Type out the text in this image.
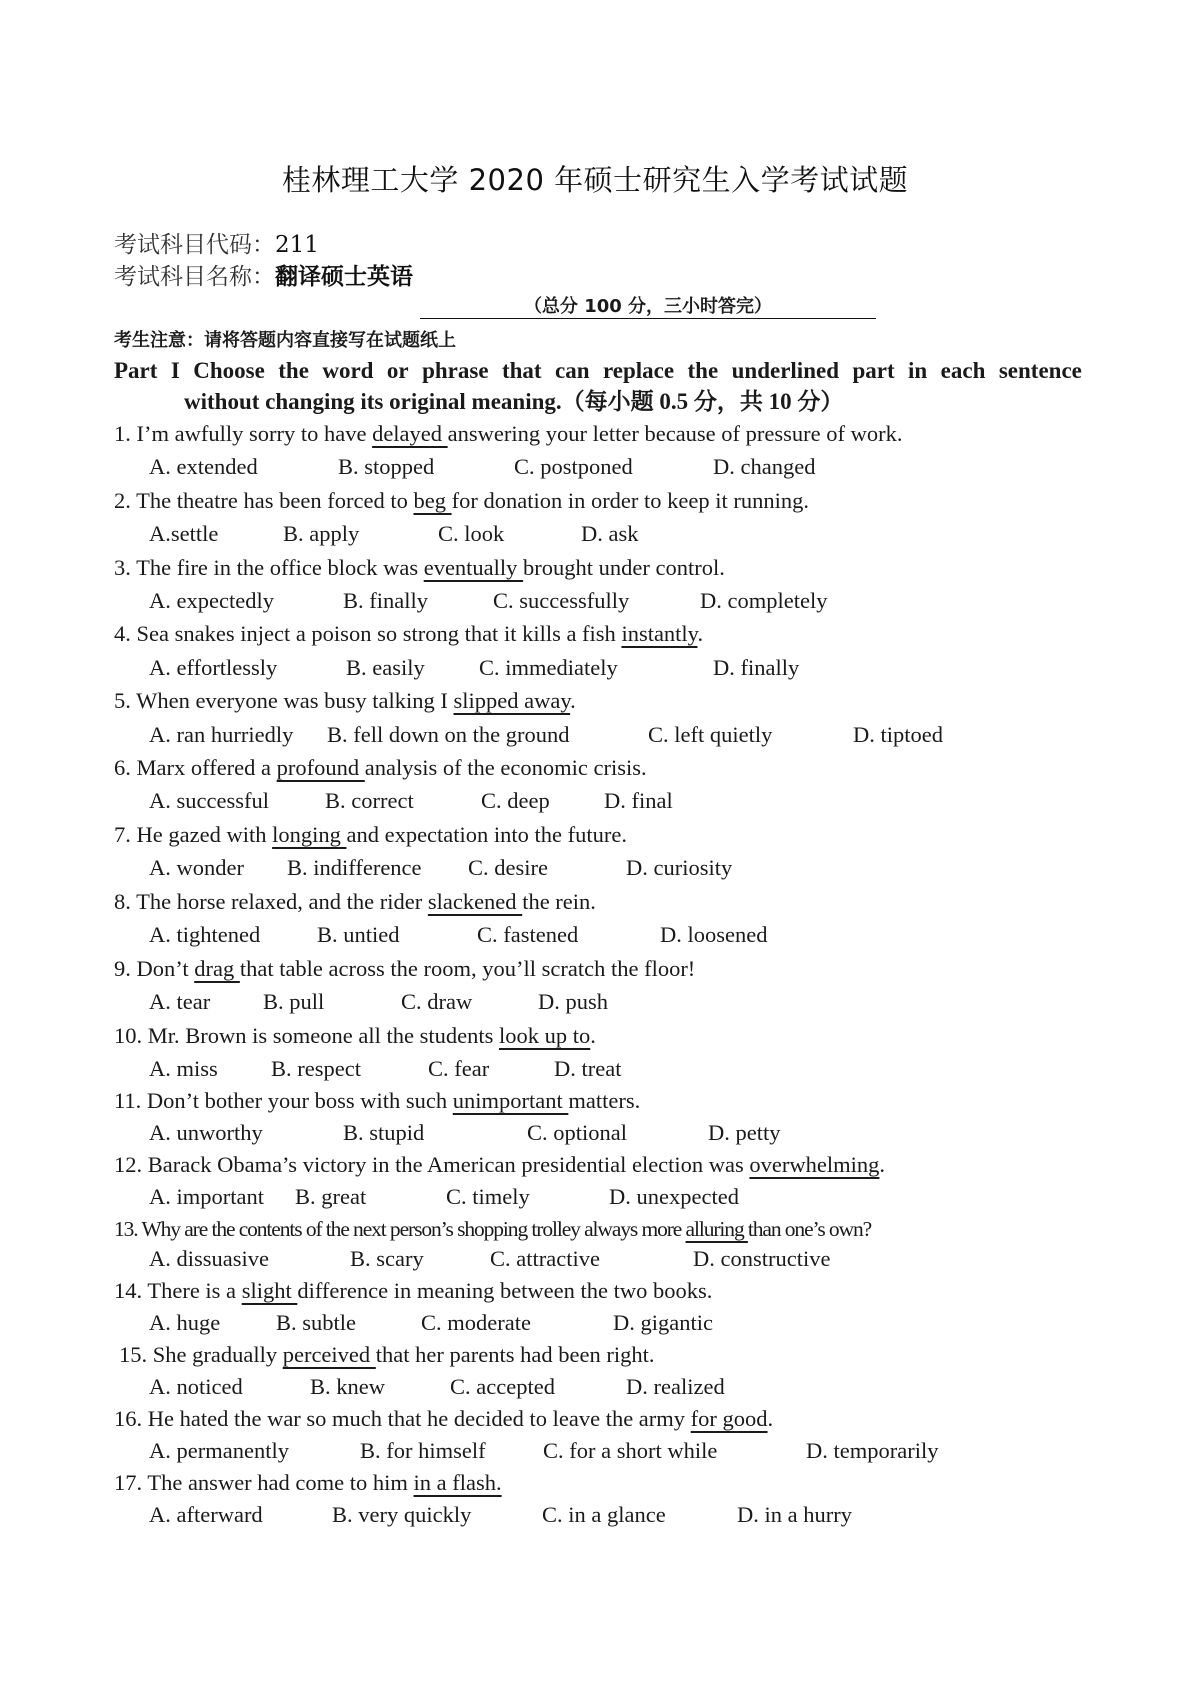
桂林理工大学 2020 年硕士研究生入学考试试题
考试科目代码：211
考试科目名称：翻译硕士英语
（总分 100 分，三小时答完）
考生注意：请将答题内容直接写在试题纸上
Part I Choose the word or phrase that can replace the underlined part in each sentence
without changing its original meaning.（每小题 0.5 分，共 10 分）
1. I’m awfully sorry to have delayed answering your letter because of pressure of work.
A. extended	B. stopped	C. postponed	D. changed
2. The theatre has been forced to beg for donation in order to keep it running.
A.settle	B. apply	C. look	D. ask
3. The fire in the office block was eventually brought under control.
A. expectedly	B. finally	C. successfully	D. completely
4. Sea snakes inject a poison so strong that it kills a fish instantly.
A. effortlessly	B. easily C. immediately	D. finally
5. When everyone was busy talking I slipped away.
A. ran hurriedly B. fell down on the ground	C. left quietly	D. tiptoed
6. Marx offered a profound analysis of the economic crisis.
A. successful B. correct	C. deep D. final
7. He gazed with longing and expectation into the future.
A. wonder B. indifference C. desire	D. curiosity
8. The horse relaxed, and the rider slackened the rein.
A. tightened	B. untied	C. fastened	D. loosened
9. Don’t drag that table across the room, you’ll scratch the floor!
A. tear B. pull	C. draw	D. push
10. Mr. Brown is someone all the students look up to.
A. miss B. respect	C. fear	D. treat
11. Don’t bother your boss with such unimportant matters.
A. unworthy	B. stupid	C. optional	D. petty
12. Barack Obama’s victory in the American presidential election was overwhelming.
A. important B. great	C. timely	D. unexpected
13. Why are the contents of the next person’s shopping trolley always more alluring than one’s own?
A. dissuasive	B. scary	C. attractive	D. constructive
14. There is a slight difference in meaning between the two books.
A. huge B. subtle	C. moderate	D. gigantic
15. She gradually perceived that her parents had been right.
A. noticed	B. knew	C. accepted	D. realized
16. He hated the war so much that he decided to leave the army for good.
A. permanently	B. for himself	C. for a short while	D. temporarily
17. The answer had come to him in a flash.
A. afterward	B. very quickly	C. in a glance	D. in a hurry
